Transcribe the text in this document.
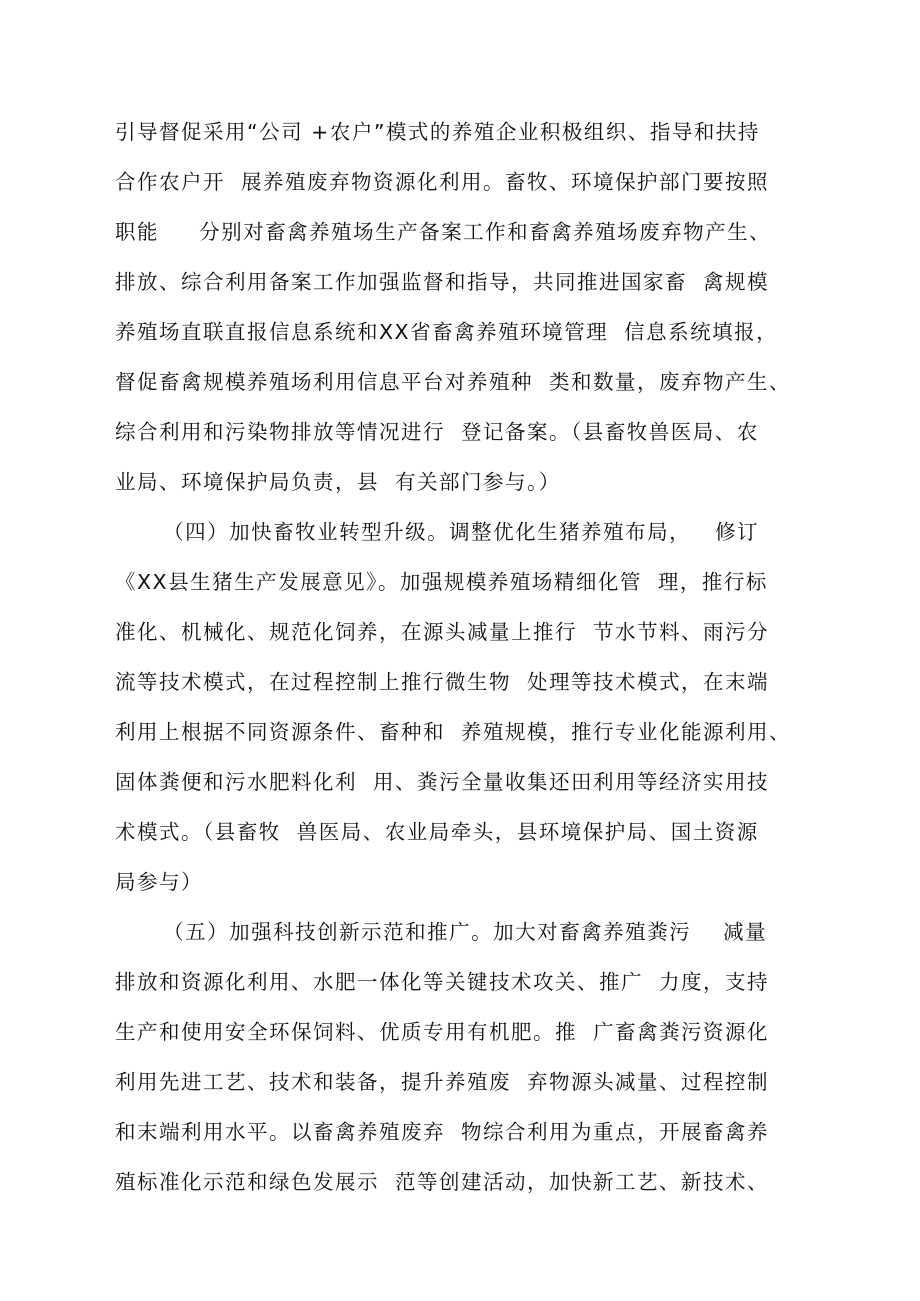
引导督促采用“公司 +农户”模式的养殖企业积极组织、指导和扶持
合作农户开  展养殖废弃物资源化利用。畜牧、环境保护部门要按照
职能     分别对畜禽养殖场生产备案工作和畜禽养殖场废弃物产生、
排放、综合利用备案工作加强监督和指导，共同推进国家畜  禽规模
养殖场直联直报信息系统和XX省畜禽养殖环境管理  信息系统填报，
督促畜禽规模养殖场利用信息平台对养殖种  类和数量，废弃物产生、
综合利用和污染物排放等情况进行  登记备案。（县畜牧兽医局、农
业局、环境保护局负责，县  有关部门参与。）
（四）加快畜牧业转型升级。调整优化生猪养殖布局，   修订
《XX县生猪生产发展意见》。加强规模养殖场精细化管  理，推行标
准化、机械化、规范化饲养，在源头减量上推行  节水节料、雨污分
流等技术模式，在过程控制上推行微生物  处理等技术模式，在末端
利用上根据不同资源条件、畜种和  养殖规模，推行专业化能源利用、
固体粪便和污水肥料化利  用、粪污全量收集还田利用等经济实用技
术模式。（县畜牧  兽医局、农业局牵头，县环境保护局、国土资源
局参与）
（五）加强科技创新示范和推广。加大对畜禽养殖粪污    减量
排放和资源化利用、水肥一体化等关键技术攻关、推广  力度，支持
生产和使用安全环保饲料、优质专用有机肥。推  广畜禽粪污资源化
利用先进工艺、技术和装备，提升养殖废  弃物源头减量、过程控制
和末端利用水平。以畜禽养殖废弃  物综合利用为重点，开展畜禽养
殖标准化示范和绿色发展示  范等创建活动，加快新工艺、新技术、
